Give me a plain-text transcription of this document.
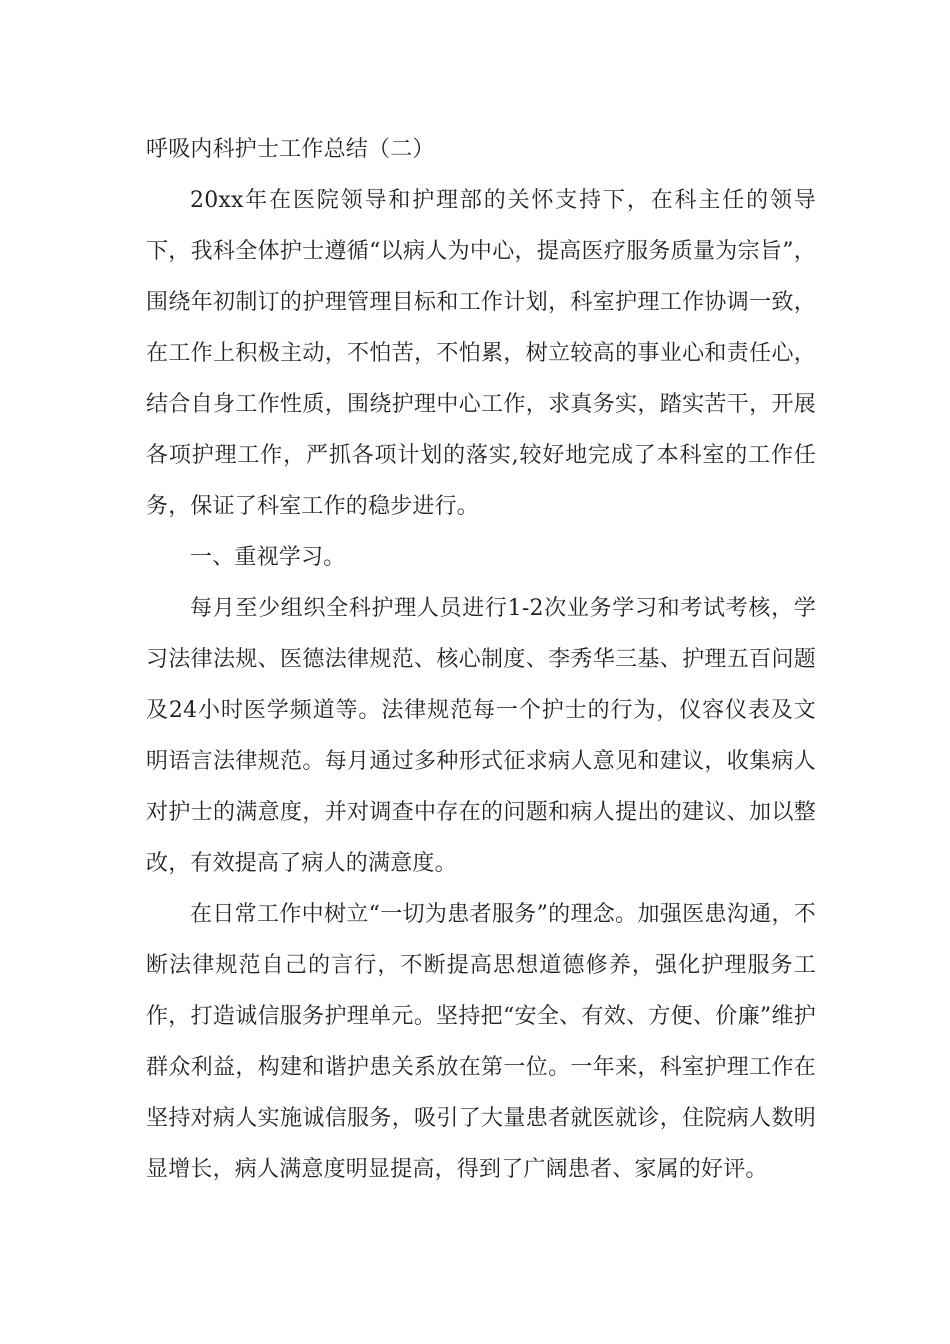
呼吸内科护士工作总结（二）

20xx年在医院领导和护理部的关怀支持下，在科主任的领导下，我科全体护士遵循“以病人为中心，提高医疗服务质量为宗旨”，围绕年初制订的护理管理目标和工作计划，科室护理工作协调一致，在工作上积极主动，不怕苦，不怕累，树立较高的事业心和责任心，结合自身工作性质，围绕护理中心工作，求真务实，踏实苦干，开展各项护理工作，严抓各项计划的落实,较好地完成了本科室的工作任务，保证了科室工作的稳步进行。

一、重视学习。

每月至少组织全科护理人员进行1-2次业务学习和考试考核，学习法律法规、医德法律规范、核心制度、李秀华三基、护理五百问题及24小时医学频道等。法律规范每一个护士的行为，仪容仪表及文明语言法律规范。每月通过多种形式征求病人意见和建议，收集病人对护士的满意度，并对调查中存在的问题和病人提出的建议、加以整改，有效提高了病人的满意度。

在日常工作中树立“一切为患者服务”的理念。加强医患沟通，不断法律规范自己的言行，不断提高思想道德修养，强化护理服务工作，打造诚信服务护理单元。坚持把“安全、有效、方便、价廉”维护群众利益，构建和谐护患关系放在第一位。一年来，科室护理工作在坚持对病人实施诚信服务，吸引了大量患者就医就诊，住院病人数明显增长，病人满意度明显提高，得到了广阔患者、家属的好评。
